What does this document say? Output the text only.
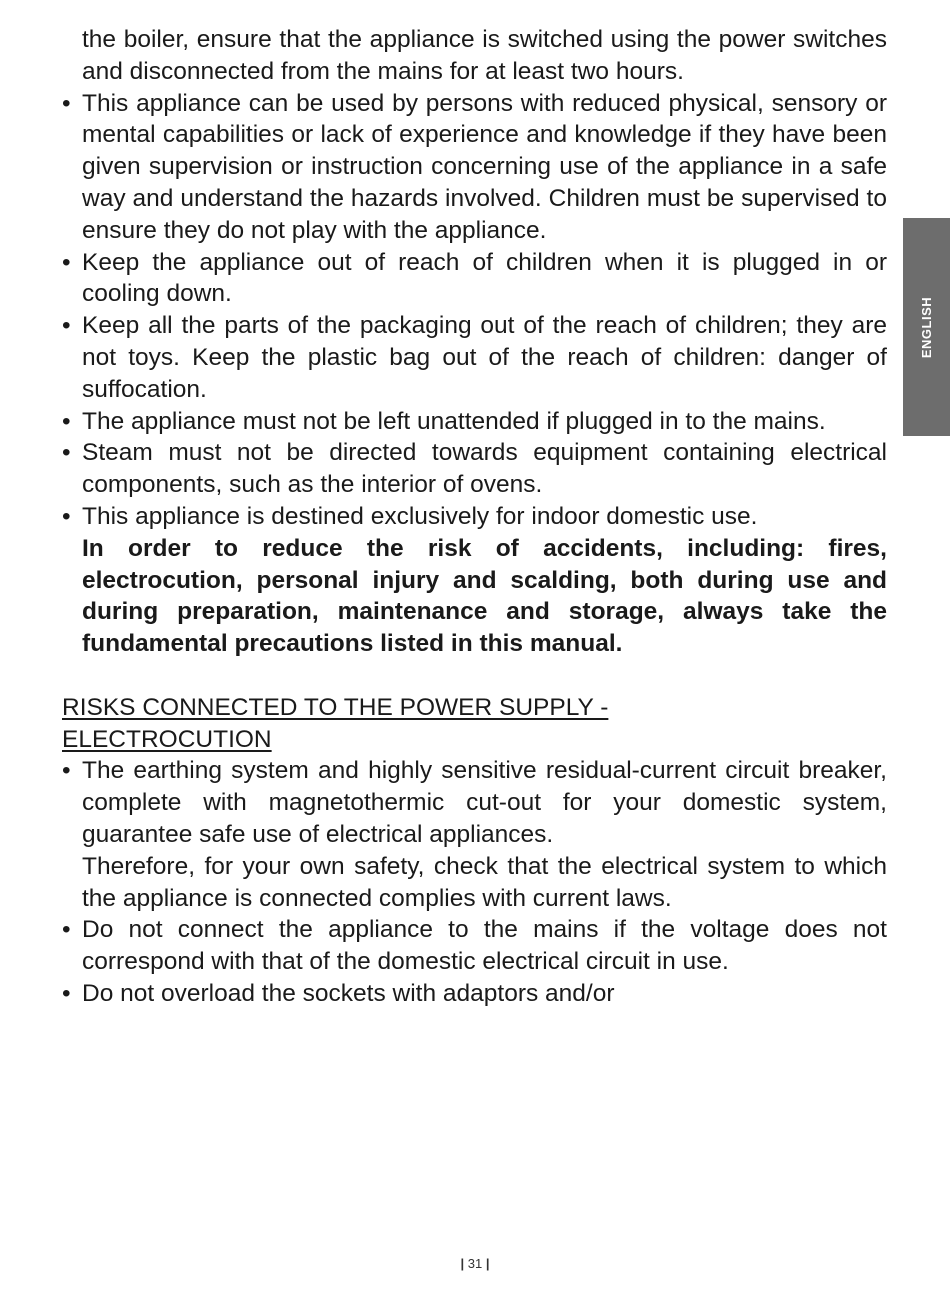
ENGLISH

the boiler, ensure that the appliance is switched using the power switches and disconnected from the mains for at least two hours.

• This appliance can be used by persons with reduced physical, sensory or mental capabilities or lack of experience and knowledge if they have been given supervision or instruction concerning use of the appliance in a safe way and understand the hazards involved. Children must be supervised to ensure they do not play with the appliance.
• Keep the appliance out of reach of children when it is plugged in or cooling down.
• Keep all the parts of the packaging out of the reach of children; they are not toys. Keep the plastic bag out of the reach of children: danger of suffocation.
• The appliance must not be left unattended if plugged in to the mains.
• Steam must not be directed towards equipment containing electrical components, such as the interior of ovens.
• This appliance is destined exclusively for indoor domestic use.

In order to reduce the risk of accidents, including: fires, electrocution, personal injury and scalding, both during use and during preparation, maintenance and storage, always take the fundamental precautions listed in this manual.

RISKS CONNECTED TO THE POWER SUPPLY - ELECTROCUTION

• The earthing system and highly sensitive residual-current circuit breaker, complete with magnetothermic cut-out for your domestic system, guarantee safe use of electrical appliances.
Therefore, for your own safety, check that the electrical system to which the appliance is connected complies with current laws.
• Do not connect the appliance to the mains if the voltage does not correspond with that of the domestic electrical circuit in use.
• Do not overload the sockets with adaptors and/or
| 31 |
